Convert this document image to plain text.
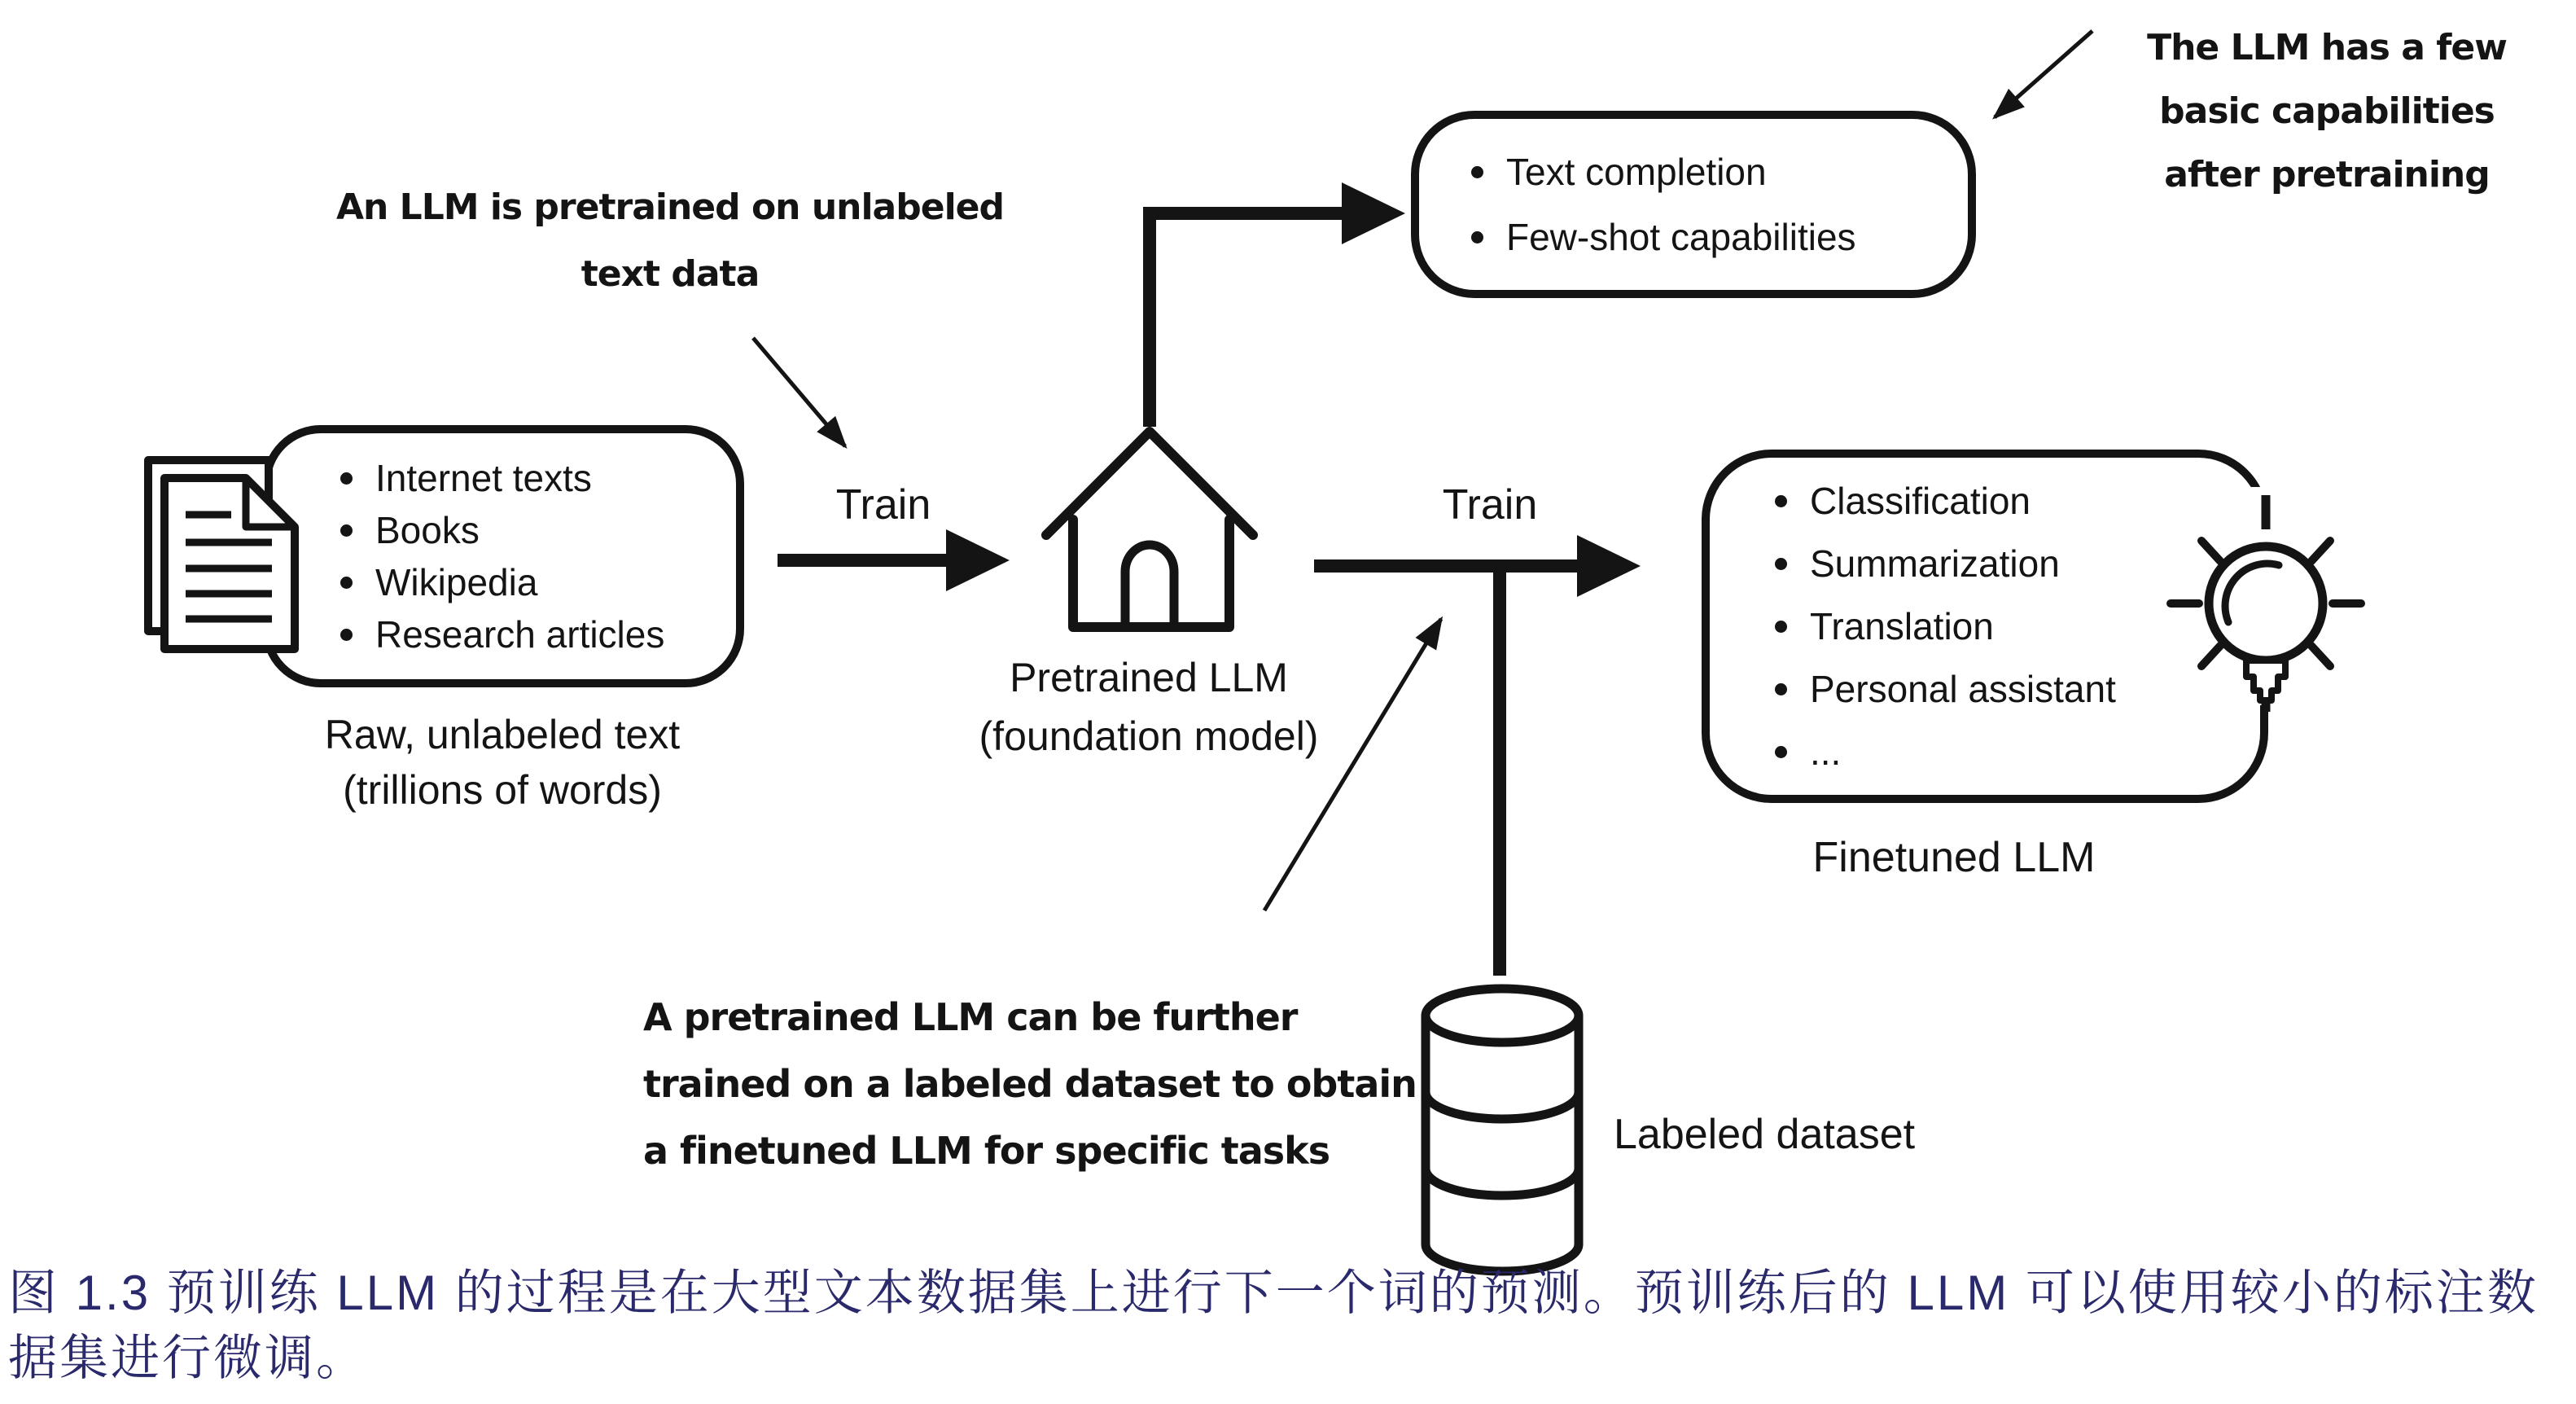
Internet texts
Books
Wikipedia
Research articles
Text completion
Few-shot capabilities
Classification
Summarization
Translation
Personal assistant
...
An LLM is pretrained on unlabeled
text data
The LLM has a few
basic capabilities
after pretraining
A pretrained LLM can be further
trained on a labeled dataset to obtain
a finetuned LLM for specific tasks
Train	Train
Raw, unlabeled text
(trillions of words)
Pretrained LLM
(foundation model)
Finetuned LLM
Labeled dataset
图 1.3 预训练 LLM 的过程是在大型文本数据集上进行下一个词的预测。预训练后的 LLM 可以使用较小的标注数
据集进行微调。
